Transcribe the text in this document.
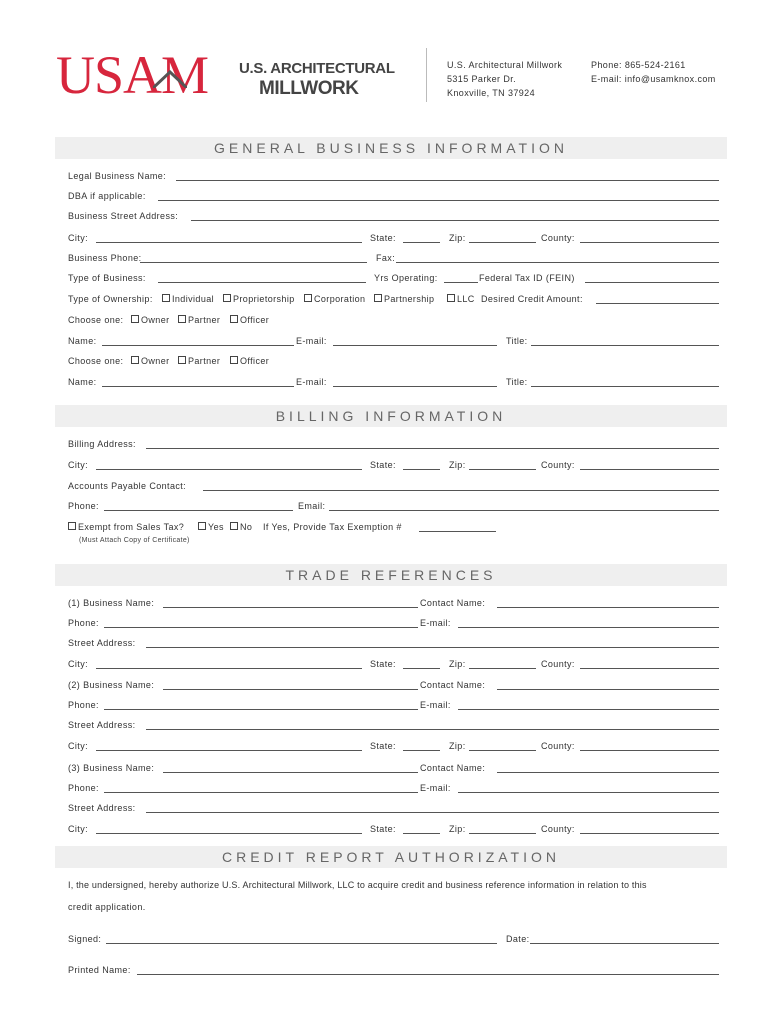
USAM U.S. ARCHITECTURAL
MILLWORK
U.S. Architectural Millwork
5315 Parker Dr.
Knoxville, TN 37924
Phone: 865-524-2161
E-mail: info@usamknox.com
GENERAL BUSINESS INFORMATION
Legal Business Name:
DBA if applicable:
Business Street Address:
City:	State:	Zip:	County:
Business Phone:	Fax:
Type of Business:	Yrs Operating:	Federal Tax ID (FEIN)
Type of Ownership:	Individual	Proprietorship	Corporation	Partnership	LLC Desired Credit Amount:
Choose one:	Owner	Partner	Officer
Name:	E-mail:	Title:
Choose one:	Owner	Partner	Officer
Name:	E-mail:	Title:
BILLING INFORMATION
Billing Address:
City:	State:	Zip:	County:
Accounts Payable Contact:
Phone:	Email:
Exempt from Sales Tax?	Yes	No If Yes, Provide Tax Exemption #
(Must Attach Copy of Certificate)
TRADE REFERENCES
(1) Business Name:	Contact Name:
Phone:	E-mail:
Street Address:
City:	State:	Zip:	County:
(2) Business Name:	Contact Name:
Phone:	E-mail:
Street Address:
City:	State:	Zip:	County:
(3) Business Name:	Contact Name:
Phone:	E-mail:
Street Address:
City:	State:	Zip:	County:
CREDIT REPORT AUTHORIZATION
I, the undersigned, hereby authorize U.S. Architectural Millwork, LLC to acquire credit and business reference information in relation to this
credit application.
Signed:	Date:
Printed Name:
